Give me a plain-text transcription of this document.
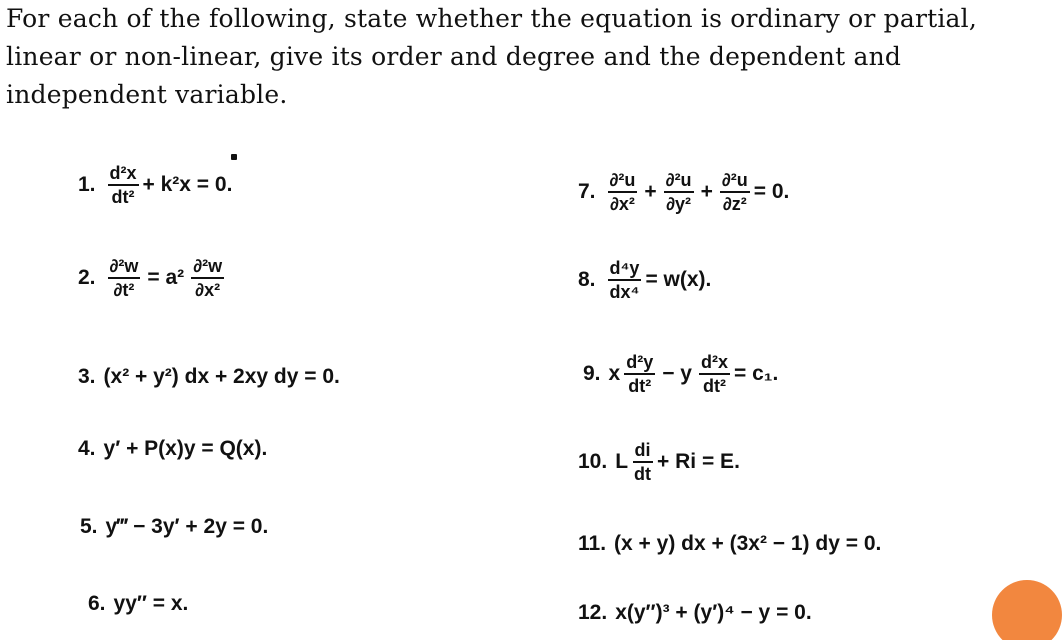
For each of the following, state whether the equation is ordinary or partial, linear or non-linear, give its order and degree and the dependent and independent variable.

1. $\frac{\text{d²x}}{\text{dt²}} + k^2x = 0$.
2. $\frac{\text{∂²w}}{\text{∂t²}} = a^2 \frac{\text{∂²w}}{\text{∂x²}}$
3. (x² + y²) dx + 2xy dy = 0.
4. y′ + P(x)y = Q(x).
5. y‴ − 3y′ + 2y = 0.
6. yy″ = x.
7. $\frac{\text{∂²u}}{\text{∂x²}} + \frac{\text{∂²u}}{\text{∂y²}} + \frac{\text{∂²u}}{\text{∂z²}} = 0$.
8. $\frac{\text{d⁴y}}{\text{dx⁴}} = w(x)$.
9. x $\frac{\text{d²y}}{\text{dt²}} - y \frac{\text{d²x}}{\text{dt²}} = c_1$.
10. L $\frac{di}{dt} + Ri = E$.
11. (x + y) dx + (3x² − 1) dy = 0.
12. x(y″)³ + (y′)⁴ − y = 0.
